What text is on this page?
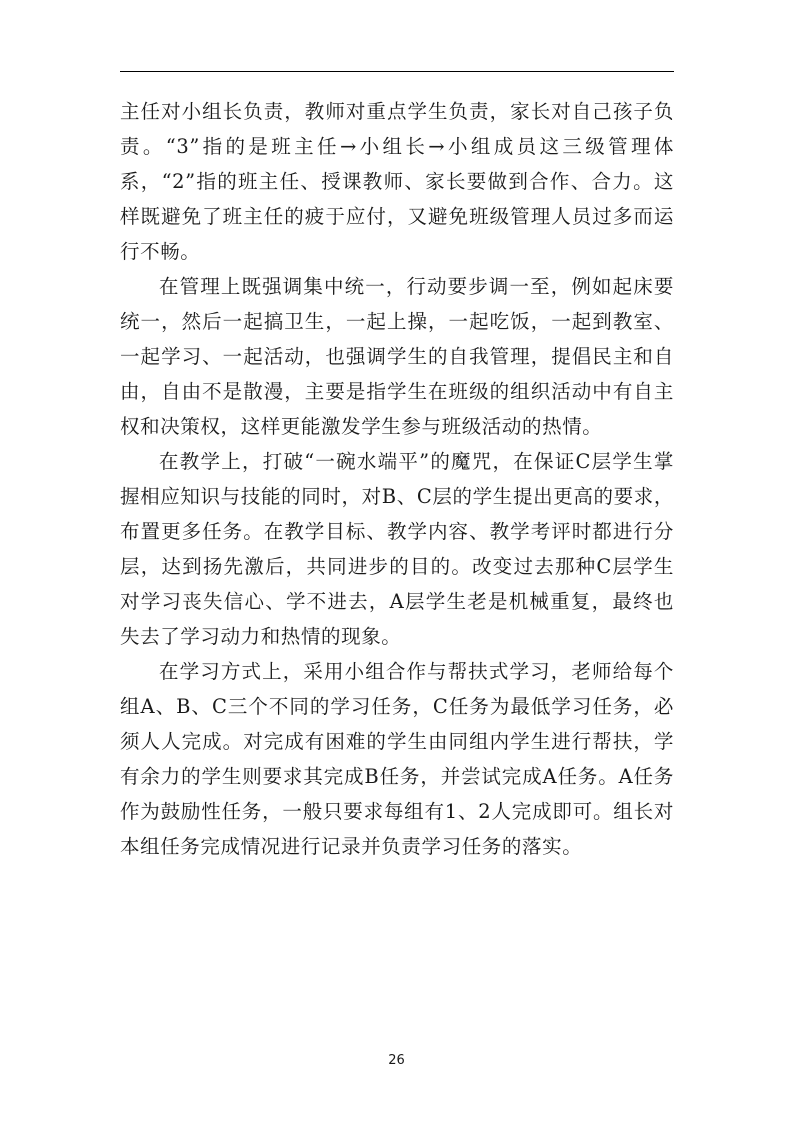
主任对小组长负责，教师对重点学生负责，家长对自己孩子负责。“3”指的是班主任→小组长→小组成员这三级管理体系，“2”指的班主任、授课教师、家长要做到合作、合力。这样既避免了班主任的疲于应付，又避免班级管理人员过多而运行不畅。

在管理上既强调集中统一，行动要步调一至，例如起床要统一，然后一起搞卫生，一起上操，一起吃饭，一起到教室、一起学习、一起活动，也强调学生的自我管理，提倡民主和自由，自由不是散漫，主要是指学生在班级的组织活动中有自主权和决策权，这样更能激发学生参与班级活动的热情。

在教学上，打破“一碗水端平”的魔咒，在保证C层学生掌握相应知识与技能的同时，对B、C层的学生提出更高的要求，布置更多任务。在教学目标、教学内容、教学考评时都进行分层，达到扬先激后，共同进步的目的。改变过去那种C层学生对学习丧失信心、学不进去，A层学生老是机械重复，最终也失去了学习动力和热情的现象。

在学习方式上，采用小组合作与帮扶式学习，老师给每个组A、B、C三个不同的学习任务，C任务为最低学习任务，必须人人完成。对完成有困难的学生由同组内学生进行帮扶，学有余力的学生则要求其完成B任务，并尝试完成A任务。A任务作为鼓励性任务，一般只要求每组有1、2人完成即可。组长对本组任务完成情况进行记录并负责学习任务的落实。

26
